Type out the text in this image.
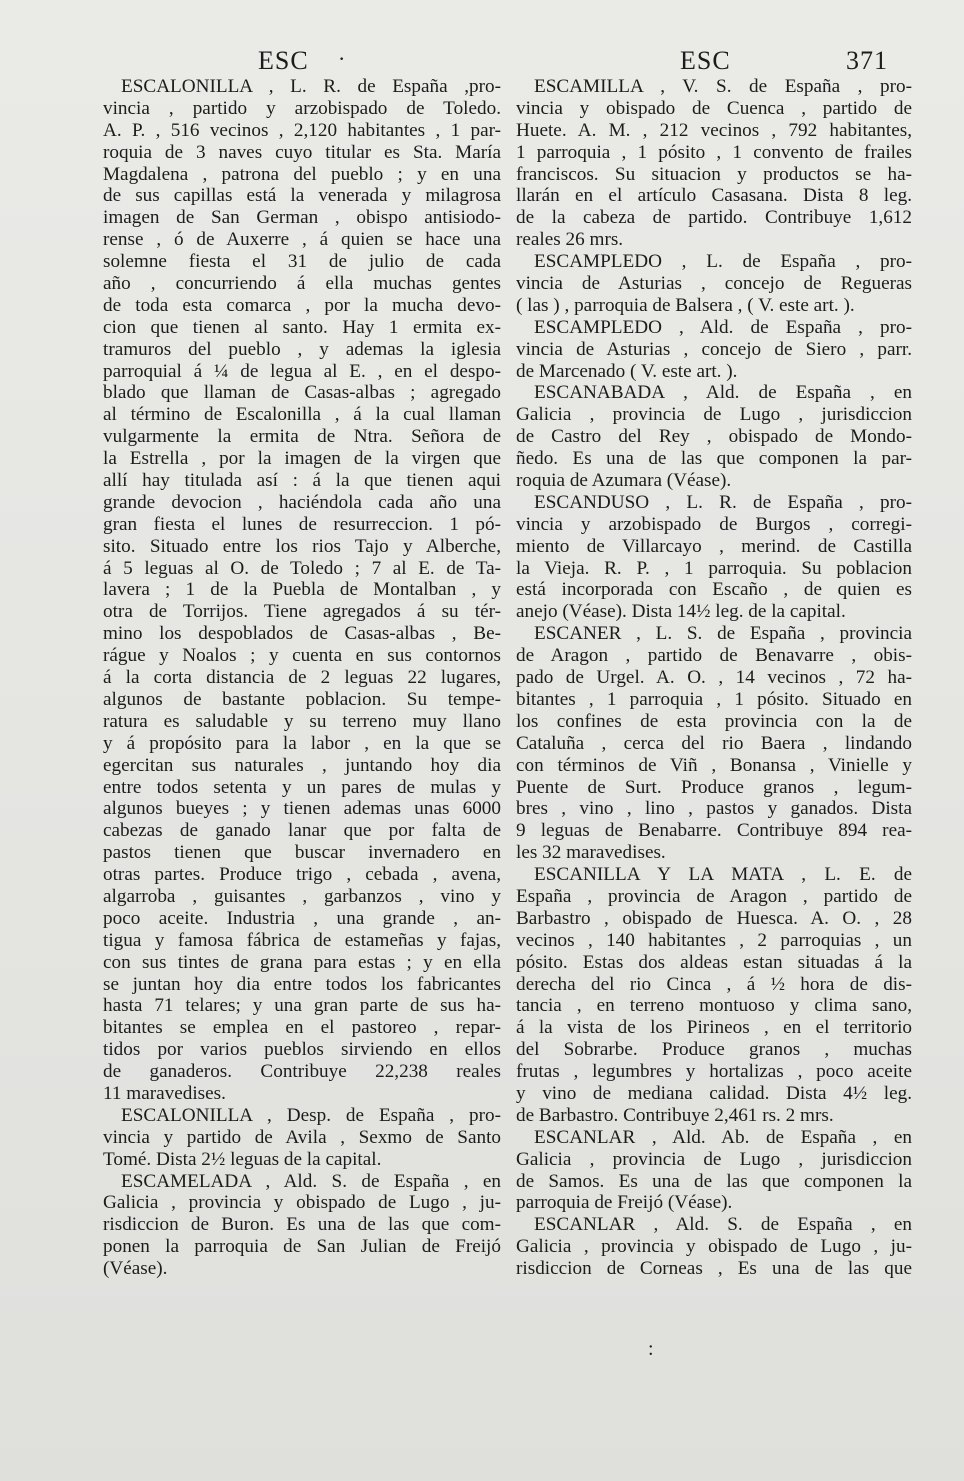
ESC ·	ESC	371
ESCALONILLA , L. R. de España ,pro-
vincia , partido y arzobispado de Toledo.
A. P. , 516 vecinos , 2,120 habitantes , 1 par-
roquia de 3 naves cuyo titular es Sta. María
Magdalena , patrona del pueblo ; y en una
de sus capillas está la venerada y milagrosa
imagen de San German , obispo antisiodo-
rense , ó de Auxerre , á quien se hace una
solemne fiesta el 31 de julio de cada
año , concurriendo á ella muchas gentes
de toda esta comarca , por la mucha devo-
cion que tienen al santo. Hay 1 ermita ex-
tramuros del pueblo , y ademas la iglesia
parroquial á ¼ de legua al E. , en el despo-
blado que llaman de Casas-albas ; agregado
al término de Escalonilla , á la cual llaman
vulgarmente la ermita de Ntra. Señora de
la Estrella , por la imagen de la virgen que
allí hay titulada así : á la que tienen aqui
grande devocion , haciéndola cada año una
gran fiesta el lunes de resurreccion. 1 pó-
sito. Situado entre los rios Tajo y Alberche,
á 5 leguas al O. de Toledo ; 7 al E. de Ta-
lavera ; 1 de la Puebla de Montalban , y
otra de Torrijos. Tiene agregados á su tér-
mino los despoblados de Casas-albas , Be-
rágue y Noalos ; y cuenta en sus contornos
á la corta distancia de 2 leguas 22 lugares,
algunos de bastante poblacion. Su tempe-
ratura es saludable y su terreno muy llano
y á propósito para la labor , en la que se
egercitan sus naturales , juntando hoy dia
entre todos setenta y un pares de mulas y
algunos bueyes ; y tienen ademas unas 6000
cabezas de ganado lanar que por falta de
pastos tienen que buscar invernadero en
otras partes. Produce trigo , cebada , avena,
algarroba , guisantes , garbanzos , vino y
poco aceite. Industria , una grande , an-
tigua y famosa fábrica de estameñas y fajas,
con sus tintes de grana para estas ; y en ella
se juntan hoy dia entre todos los fabricantes
hasta 71 telares; y una gran parte de sus ha-
bitantes se emplea en el pastoreo , repar-
tidos por varios pueblos sirviendo en ellos
de ganaderos. Contribuye 22,238 reales
11 maravedises.
ESCALONILLA , Desp. de España , pro-
vincia y partido de Avila , Sexmo de Santo
Tomé. Dista 2½ leguas de la capital.
ESCAMELADA , Ald. S. de España , en
Galicia , provincia y obispado de Lugo , ju-
risdiccion de Buron. Es una de las que com-
ponen la parroquia de San Julian de Freijó
(Véase).
ESCAMILLA , V. S. de España , pro-
vincia y obispado de Cuenca , partido de
Huete. A. M. , 212 vecinos , 792 habitantes,
1 parroquia , 1 pósito , 1 convento de frailes
franciscos. Su situacion y productos se ha-
llarán en el artículo Casasana. Dista 8 leg.
de la cabeza de partido. Contribuye 1,612
reales 26 mrs.
ESCAMPLEDO , L. de España , pro-
vincia de Asturias , concejo de Regueras
( las ) , parroquia de Balsera , ( V. este art. ).
ESCAMPLEDO , Ald. de España , pro-
vincia de Asturias , concejo de Siero , parr.
de Marcenado ( V. este art. ).
ESCANABADA , Ald. de España , en
Galicia , provincia de Lugo , jurisdiccion
de Castro del Rey , obispado de Mondo-
ñedo. Es una de las que componen la par-
roquia de Azumara (Véase).
ESCANDUSO , L. R. de España , pro-
vincia y arzobispado de Burgos , corregi-
miento de Villarcayo , merind. de Castilla
la Vieja. R. P. , 1 parroquia. Su poblacion
está incorporada con Escaño , de quien es
anejo (Véase). Dista 14½ leg. de la capital.
ESCANER , L. S. de España , provincia
de Aragon , partido de Benavarre , obis-
pado de Urgel. A. O. , 14 vecinos , 72 ha-
bitantes , 1 parroquia , 1 pósito. Situado en
los confines de esta provincia con la de
Cataluña , cerca del rio Baera , lindando
con términos de Viñ , Bonansa , Vinielle y
Puente de Surt. Produce granos , legum-
bres , vino , lino , pastos y ganados. Dista
9 leguas de Benabarre. Contribuye 894 rea-
les 32 maravedises.
ESCANILLA Y LA MATA , L. E. de
España , provincia de Aragon , partido de
Barbastro , obispado de Huesca. A. O. , 28
vecinos , 140 habitantes , 2 parroquias , un
pósito. Estas dos aldeas estan situadas á la
derecha del rio Cinca , á ½ hora de dis-
tancia , en terreno montuoso y clima sano,
á la vista de los Pirineos , en el territorio
del Sobrarbe. Produce granos , muchas
frutas , legumbres y hortalizas , poco aceite
y vino de mediana calidad. Dista 4½ leg.
de Barbastro. Contribuye 2,461 rs. 2 mrs.
ESCANLAR , Ald. Ab. de España , en
Galicia , provincia de Lugo , jurisdiccion
de Samos. Es una de las que componen la
parroquia de Freijó (Véase).
ESCANLAR , Ald. S. de España , en
Galicia , provincia y obispado de Lugo , ju-
risdiccion de Corneas , Es una de las que
:
